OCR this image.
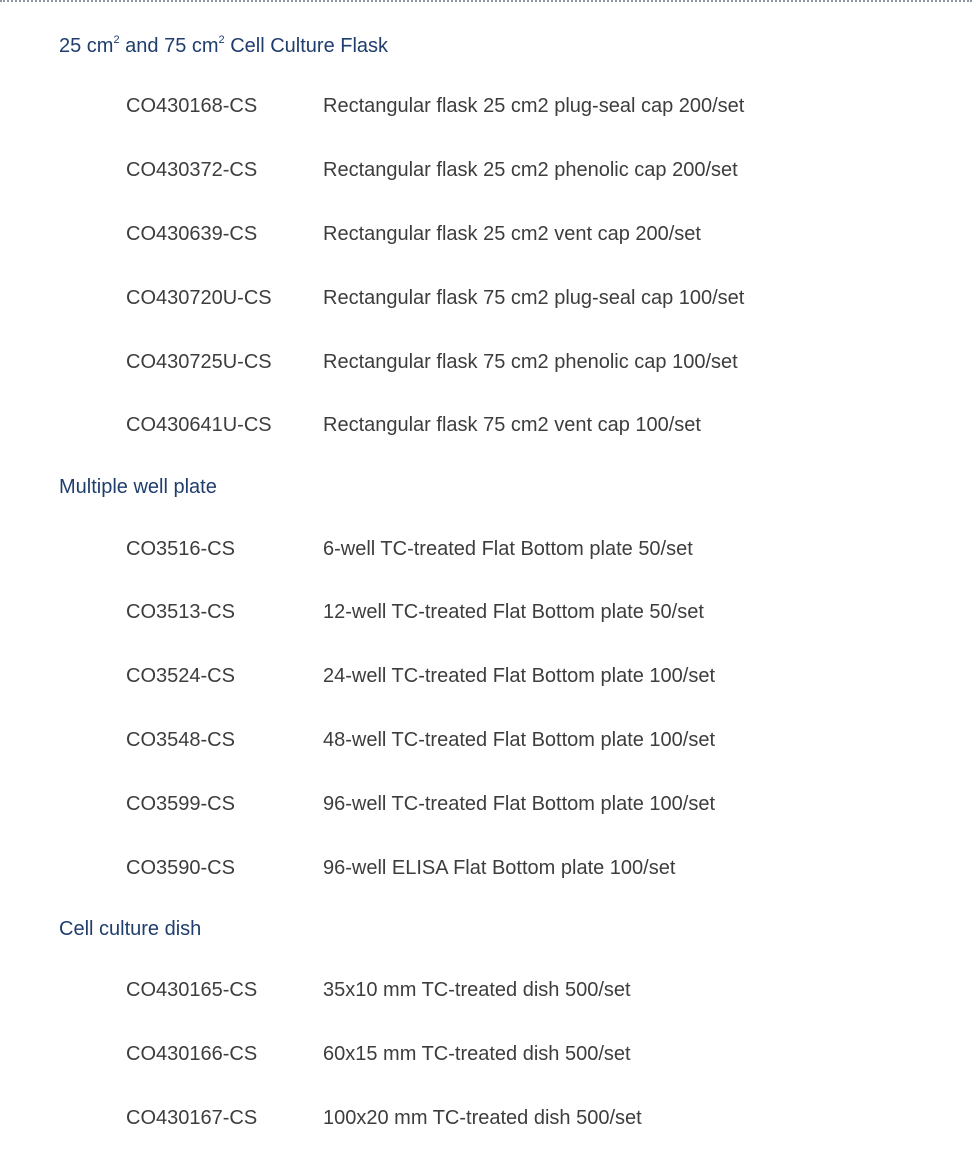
25 $cm^2$ and 75 $cm^2$ Cell Culture Flask
CO430168-CS	Rectangular flask 25 cm2 plug-seal cap 200/set
CO430372-CS	Rectangular flask 25 cm2 phenolic cap 200/set
CO430639-CS	Rectangular flask 25 cm2 vent cap 200/set
CO430720U-CS	Rectangular flask 75 cm2 plug-seal cap 100/set
CO430725U-CS	Rectangular flask 75 cm2 phenolic cap 100/set
CO430641U-CS	Rectangular flask 75 cm2 vent cap 100/set
Multiple well plate
CO3516-CS	6-well TC-treated Flat Bottom plate 50/set
CO3513-CS	12-well TC-treated Flat Bottom plate 50/set
CO3524-CS	24-well TC-treated Flat Bottom plate 100/set
CO3548-CS	48-well TC-treated Flat Bottom plate 100/set
CO3599-CS	96-well TC-treated Flat Bottom plate 100/set
CO3590-CS	96-well ELISA Flat Bottom plate 100/set
Cell culture dish
CO430165-CS	35x10 mm TC-treated dish 500/set
CO430166-CS	60x15 mm TC-treated dish 500/set
CO430167-CS	100x20 mm TC-treated dish 500/set
